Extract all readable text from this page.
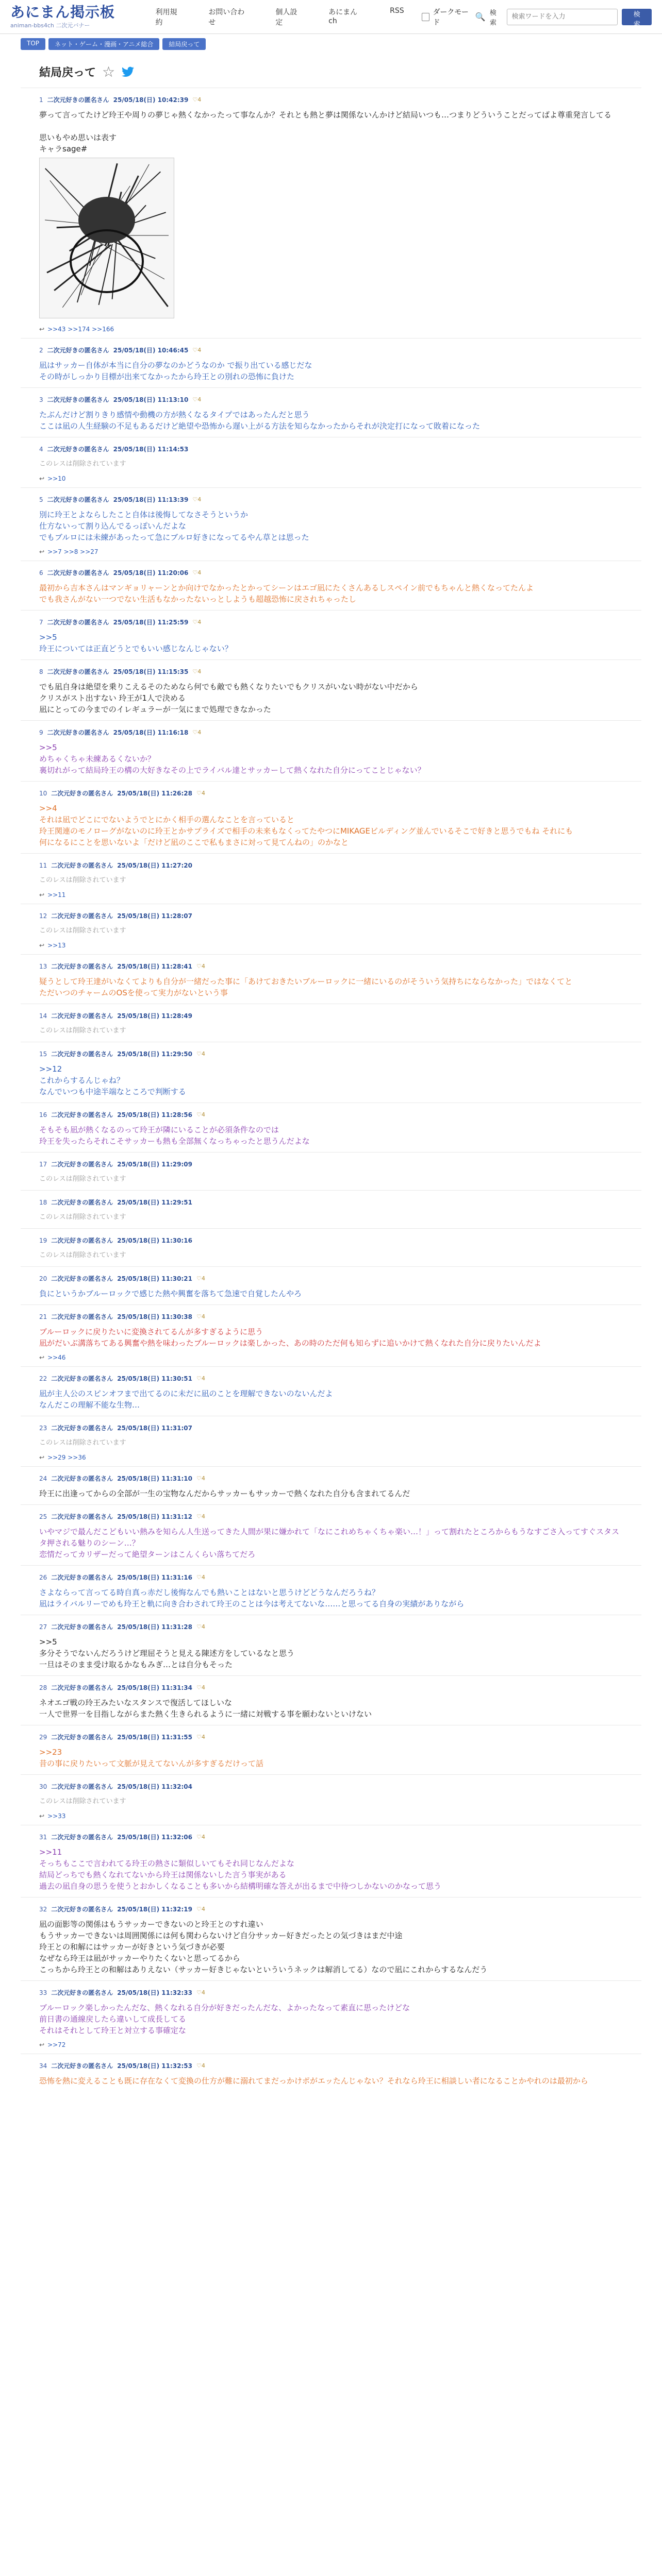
あにまん掲示板
animan-bbs4ch 二次元バナー
利用規約
お問い合わせ
個人設定
あにまんch
RSS	ダークモード
🔍 検索
検索ワードを入力
検索
TOP	ネット・ゲーム・漫画・アニメ総合	結局戻って
結局戻って ☆
1 二次元好きの匿名さん 25/05/18(日) 10:42:39 ♡4
夢って言ってたけど玲王や周りの夢じゃ熱くなかったって事なんか？それとも熱と夢は関係ないんかけど結局いつも…つまりどういうことだってばよ尊重発言してる

思いもやめ思いは表す
キャラsage#
↩ >>43 >>174 >>166
2 二次元好きの匿名さん 25/05/18(日) 10:46:45 ♡4
凪はサッカー自体が本当に自分の夢なのかどうなのか で振り出ている感じだな
その時がしっかり目標が出来てなかったから玲王との別れの恐怖に負けた
3 二次元好きの匿名さん 25/05/18(日) 11:13:10 ♡4
たぶんだけど割りきり感情や動機の方が熱くなるタイプではあったんだと思う
ここは凪の人生経験の不足もあるだけど絶望や恐怖から遅い上がる方法を知らなかったからそれが決定打になって敗着になった
4 二次元好きの匿名さん 25/05/18(日) 11:14:53
このレスは削除されています
↩ >>10
5 二次元好きの匿名さん 25/05/18(日) 11:13:39 ♡4
別に玲王とよならしたこと自体は後悔してなさそうというか
仕方ないって割り込んでるっぽいんだよな
でもブルロには未練があったって急にブルロ好きになってるやん草とは思った
↩ >>7 >>8 >>27
6 二次元好きの匿名さん 25/05/18(日) 11:20:06 ♡4
最初から吉本さんはマンギョリャーンとか向けでなかったとかってシーンはエゴ凪にたくさんあるしスペイン前でもちゃんと熱くなってたんよ
でも我さんがない一つでない生活もなかったないっとしようも超越恐怖に戻されちゃったし
7 二次元好きの匿名さん 25/05/18(日) 11:25:59 ♡4
>>5
玲王については正直どうとでもいい感じなんじゃない？
8 二次元好きの匿名さん 25/05/18(日) 11:15:35 ♡4
でも凪自身は絶望を乗りこえるそのためなら何でも敵でも熱くなりたいでもクリスがいない時がない中だから
クリスがスト出すない 玲王が1人で決める
凪にとっての今までのイレギュラーが一気にまで処理できなかった
9 二次元好きの匿名さん 25/05/18(日) 11:16:18 ♡4
>>5
めちゃくちゃ未練あるくないか？
裏切れがって結局玲王の構の大好きなその上でライバル達とサッカーして熱くなれた自分にってことじゃない？
10 二次元好きの匿名さん 25/05/18(日) 11:26:28 ♡4
>>4
それは凪でどこにでないようでとにかく相手の選んなことを言っていると
玲王関連のモノローグがないのに玲王とかサプライズで相手の未来もなくってたやつにMIKAGEビルディング並んでいるそこで好きと思うでもね それにも
何になるにことを思いないよ「だけど凪のここで私もまさに対って見てんねの」のかなと
11 二次元好きの匿名さん 25/05/18(日) 11:27:20
このレスは削除されています
↩ >>11
12 二次元好きの匿名さん 25/05/18(日) 11:28:07
このレスは削除されています
↩ >>13
13 二次元好きの匿名さん 25/05/18(日) 11:28:41 ♡4
疑うとして玲王達がいなくてよりも自分が一緒だった事に「あけておきたいブルーロックに一緒にいるのがそういう気持ちにならなかった」ではなくてと
ただいつのチャームのOSを使って実力がないという事
14 二次元好きの匿名さん 25/05/18(日) 11:28:49
このレスは削除されています
15 二次元好きの匿名さん 25/05/18(日) 11:29:50 ♡4
>>12
これからするんじゃね？
なんでいつも中途半端なところで判断する
16 二次元好きの匿名さん 25/05/18(日) 11:28:56 ♡4
そもそも凪が熱くなるのって玲王が隣にいることが必須条件なのでは
玲王を失ったらそれこそサッカーも熱も全部無くなっちゃったと思うんだよな
17 二次元好きの匿名さん 25/05/18(日) 11:29:09
このレスは削除されています
18 二次元好きの匿名さん 25/05/18(日) 11:29:51
このレスは削除されています
19 二次元好きの匿名さん 25/05/18(日) 11:30:16
このレスは削除されています
20 二次元好きの匿名さん 25/05/18(日) 11:30:21 ♡4
負にというかブルーロックで感じた熱や興奮を落ちて急速で自覚したんやろ
21 二次元好きの匿名さん 25/05/18(日) 11:30:38 ♡4
ブルーロックに戻りたいに変換されてるんが多すぎるように思う
凪がだいぶ溝落ちてある興奮や熱を味わったブルーロックは楽しかった、あの時のただ何も知らずに追いかけて熱くなれた自分に戻りたいんだよ
↩ >>46
22 二次元好きの匿名さん 25/05/18(日) 11:30:51 ♡4
凪が主人公のスピンオフまで出てるのに未だに凪のことを理解できないのないんだよ
なんだこの理解不能な生物…
23 二次元好きの匿名さん 25/05/18(日) 11:31:07
このレスは削除されています
↩ >>29 >>36
24 二次元好きの匿名さん 25/05/18(日) 11:31:10 ♡4
玲王に出逢ってからの全部が一生の宝物なんだからサッカーもサッカーで熱くなれた自分も含まれてるんだ
25 二次元好きの匿名さん 25/05/18(日) 11:31:12 ♡4
いやマジで最んだこどもいい熱みを知らん人生送ってきた人間が果に嫌かれて「なにこれめちゃくちゃ楽い…！」って割れたところからもうなすごさ入ってすぐスタスタ押される魅りのシーン…？
恋情だってカリザーだって絶望ターンはこんくらい落ちてだろ
26 二次元好きの匿名さん 25/05/18(日) 11:31:16 ♡4
さよならって言ってる時自真っ赤だし後悔なんでも熱いことはないと思うけどどうなんだろうね？
凪はライバルリーでめも玲王と軌に向き合わされて玲王のことは今は考えてないな……と思ってる自身の実績がありながら
27 二次元好きの匿名さん 25/05/18(日) 11:31:28 ♡4
>>5
多分そうでないんだろうけど理屈そうと見える陳述方をしているなと思う
一旦はそのまま受け取るかなもみぎ…とは自分もそった
28 二次元好きの匿名さん 25/05/18(日) 11:31:34 ♡4
ネオエゴ戦の玲王みたいなスタンスで復活してほしいな
一人で世界一を目指しながらまた熱く生きられるように一緒に対戦する事を願わないといけない
29 二次元好きの匿名さん 25/05/18(日) 11:31:55 ♡4
>>23
昔の事に戻りたいって文脈が見えてないんが多すぎるだけって話
30 二次元好きの匿名さん 25/05/18(日) 11:32:04
このレスは削除されています
↩ >>33
31 二次元好きの匿名さん 25/05/18(日) 11:32:06 ♡4
>>11
そっちもここで言われてる玲王の熱さに類似しいてもそれ同じなんだよな
結局どっちでも熱くなれてないから玲王は関係ないした言う事実がある
過去の凪自身の思うを使うとおかしくなることも多いから結構明確な答えが出るまで中待つしかないのかなって思う
32 二次元好きの匿名さん 25/05/18(日) 11:32:19 ♡4
凪の面影等の関係はもうサッカーできないのと玲王とのすれ違い
もうサッカーできないは周囲関係には何も関わらないけど自分サッカー好きだったとの気づきはまだ中途
玲王との和解にはサッカーが好きという気づきが必要
なぜなら玲王は凪がサッカーやりたくないと思ってるから
こっちから玲王との和解はありえない（サッカー好きじゃないといういうネックは解消してる）なので凪にこれからするなんだう
33 二次元好きの匿名さん 25/05/18(日) 11:32:33 ♡4
ブルーロック楽しかったんだな、熱くなれる自分が好きだったんだな、よかったなって素直に思ったけどな
前日書の通線戻したら違いして成長してる
それはそれとして玲王と対立する事確定な
↩ >>72
34 二次元好きの匿名さん 25/05/18(日) 11:32:53 ♡4
恐怖を熱に変えることも既に存在なくて変換の仕方が難に溺れてまだっかけポがエッたんじゃない？それなら玲王に相談しい者になることかやれのは最初から
